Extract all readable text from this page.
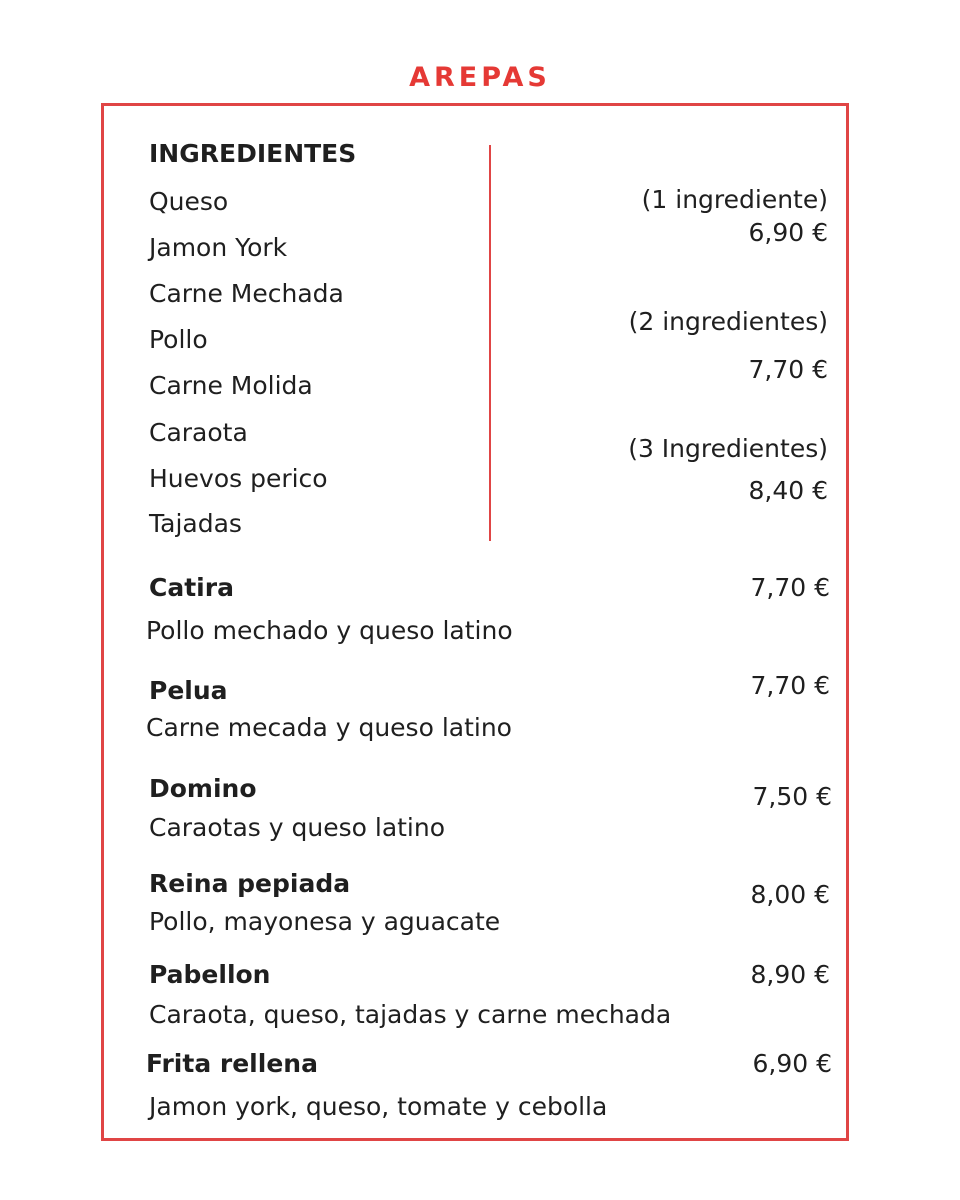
AREPAS
INGREDIENTES
Queso
Jamon York
Carne Mechada
Pollo
Carne Molida
Caraota
Huevos perico
Tajadas
(1 ingrediente)
6,90 €
(2 ingredientes)
7,70 €
(3 Ingredientes)
8,40 €
Catira	7,70 €
Pollo mechado y queso latino
Pelua	7,70 €
Carne mecada y queso latino
Domino	7,50 €
Caraotas y queso latino
Reina pepiada	8,00 €
Pollo, mayonesa y aguacate
Pabellon	8,90 €
Caraota, queso, tajadas y carne mechada
Frita rellena	6,90 €
Jamon york, queso, tomate y cebolla
